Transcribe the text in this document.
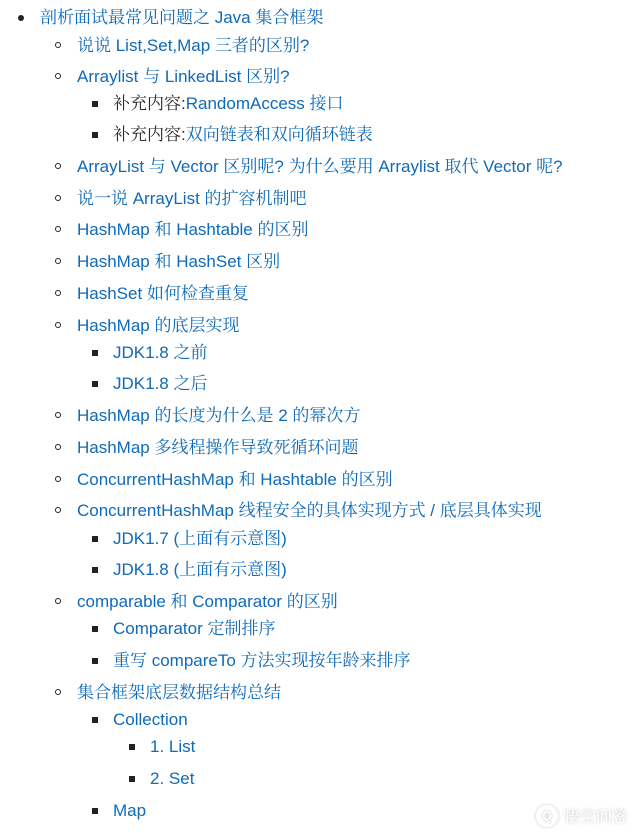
剖析面试最常见问题之 Java 集合框架
说说 List,Set,Map 三者的区别?
Arraylist 与 LinkedList 区别?
补充内容:RandomAccess 接口
补充内容:双向链表和双向循环链表
ArrayList 与 Vector 区别呢? 为什么要用 Arraylist 取代 Vector 呢?
说一说 ArrayList 的扩容机制吧
HashMap 和 Hashtable 的区别
HashMap 和 HashSet 区别
HashSet 如何检查重复
HashMap 的底层实现
JDK1.8 之前
JDK1.8 之后
HashMap 的长度为什么是 2 的幂次方
HashMap 多线程操作导致死循环问题
ConcurrentHashMap 和 Hashtable 的区别
ConcurrentHashMap 线程安全的具体实现方式 / 底层具体实现
JDK1.7 (上面有示意图)
JDK1.8 (上面有示意图)
comparable 和 Comparator 的区别
Comparator 定制排序
重写 compareTo 方法实现按年龄来排序
集合框架底层数据结构总结
Collection
1. List
2. Set
Map	Q 悟空问答
